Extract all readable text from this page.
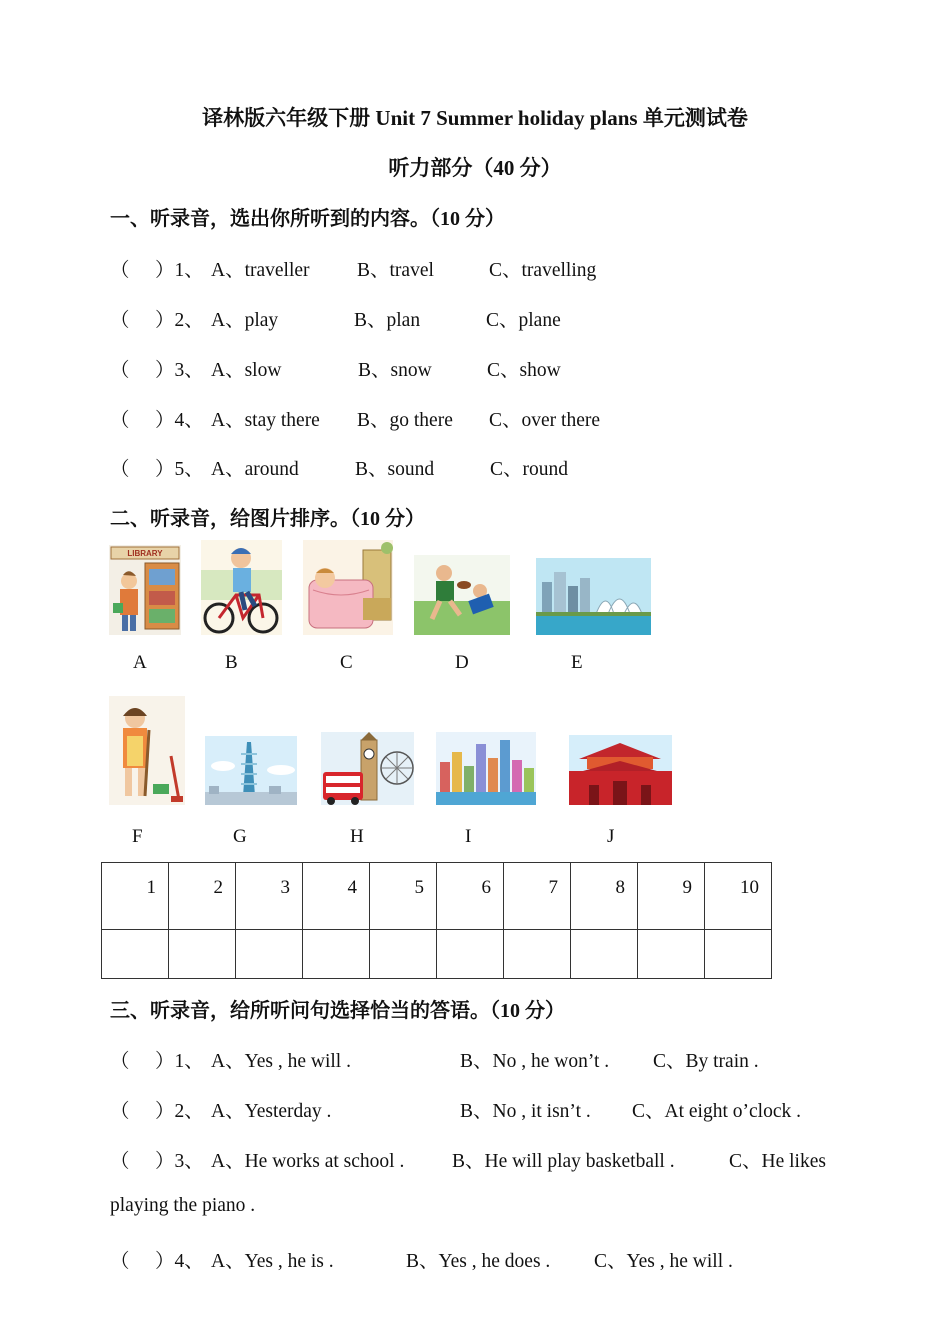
译林版六年级下册 Unit 7 Summer holiday plans 单元测试卷
听力部分（40 分）
一、听录音，选出你所听到的内容。（10 分）
（ ）1、 A、traveller B、travel	C、travelling
（ ）2、 A、play	B、plan	C、plane
（ ）3、 A、slow	B、snow	C、show
（ ）4、 A、stay there B、go there C、over there
（ ）5、 A、around	B、sound	C、round
二、听录音，给图片排序。（10 分）
LIBRARY
A	B	C	D	E
F	G	H	I	J
1	2	3	4	5	6	7	8	9	10

三、听录音，给所听问句选择恰当的答语。（10 分）
（ ）1、 A、Yes , he will .	B、No , he won’t . C、By train .
（ ）2、 A、Yesterday .	B、No , it isn’t . C、At eight o’clock .
（ ）3、 A、He works at school . B、He will play basketball .	C、He likes
playing the piano .
（ ）4、 A、Yes , he is .	B、Yes , he does . C、Yes , he will .
